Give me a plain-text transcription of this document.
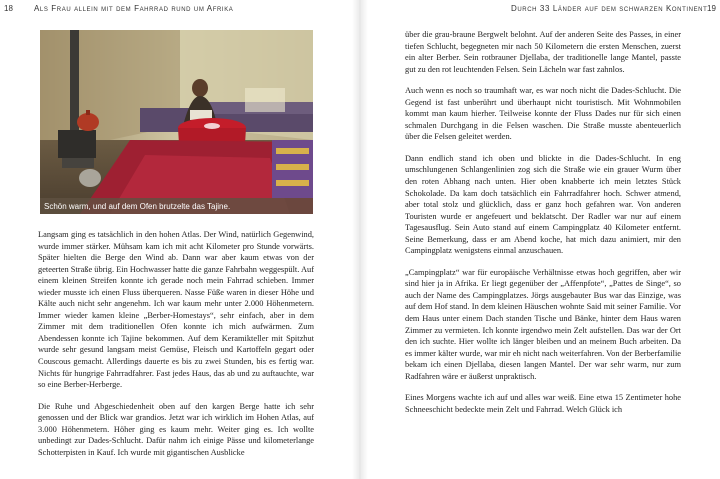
18	Als Frau allein mit dem Fahrrad rund um Afrika
Schön warm, und auf dem Ofen brutzelte das Tajine.

Langsam ging es tatsächlich in den hohen Atlas. Der Wind, natürlich Gegenwind, wurde immer stärker. Mühsam kam ich mit acht Kilometer pro Stunde vorwärts. Später hielten die Berge den Wind ab. Dann war aber kaum etwas von der geteerten Straße übrig. Ein Hochwasser hatte die ganze Fahrbahn weggespült. Auf einem kleinen Streifen konnte ich gerade noch mein Fahrrad schieben. Immer wieder musste ich einen Fluss überqueren. Nasse Füße waren in dieser Höhe und Kälte auch nicht sehr angenehm. Ich war kaum mehr unter 2.000 Höhenmetern. Immer wieder kamen kleine „Berber-Homestays“, sehr einfach, aber in dem Zimmer mit dem traditionellen Ofen konnte ich mich aufwärmen. Zum Abendessen konnte ich Tajine bekommen. Auf dem Keramikteller mit Spitzhut wurde sehr gesund langsam meist Gemüse, Fleisch und Kartoffeln gegart oder Couscous gemacht. Allerdings dauerte es bis zu zwei Stunden, bis es fertig war. Nichts für hungrige Fahrradfahrer. Fast jedes Haus, das ab und zu auftauchte, war so eine Berber-Herberge.

Die Ruhe und Abgeschiedenheit oben auf den kargen Berge hatte ich sehr genossen und der Blick war grandios. Jetzt war ich wirklich im Hohen Atlas, auf 3.000 Höhenmetern. Höher ging es kaum mehr. Weiter ging es. Ich wollte unbedingt zur Dades-Schlucht. Dafür nahm ich einige Pässe und kilometerlange Schotterpisten in Kauf. Ich wurde mit gigantischen Ausblicke

Durch 33 Länder auf dem schwarzen Kontinent 19

über die grau-braune Bergwelt belohnt. Auf der anderen Seite des Passes, in einer tiefen Schlucht, begegneten mir nach 50 Kilometern die ersten Menschen, zuerst ein alter Berber. Sein rotbrauner Djellaba, der traditionelle lange Mantel, passte gut zu den rot leuchtenden Felsen. Sein Lächeln war fast zahnlos.

Auch wenn es noch so traumhaft war, es war noch nicht die Dades-Schlucht. Die Gegend ist fast unberührt und überhaupt nicht touristisch. Mit Wohnmobilen kommt man kaum hierher. Teilweise konnte der Fluss Dades nur für sich einen schmalen Durchgang in die Felsen waschen. Die Straße musste abenteuerlich über die Felsen geleitet werden.

Dann endlich stand ich oben und blickte in die Dades-Schlucht. In eng umschlungenen Schlangenlinien zog sich die Straße wie ein grauer Wurm über den roten Abhang nach unten. Hier oben knabberte ich mein letztes Stück Schokolade. Da kam doch tatsächlich ein Fahrradfahrer hoch. Schwer atmend, aber total stolz und glücklich, dass er ganz hoch gefahren war. Von anderen Touristen wurde er angefeuert und beklatscht. Der Radler war nur auf einem Tagesausflug. Sein Auto stand auf einem Campingplatz 40 Kilometer entfernt. Seine Bemerkung, dass er am Abend koche, hat mich dazu animiert, mir den Campingplatz wenigstens einmal anzuschauen.

„Campingplatz“ war für europäische Verhältnisse etwas hoch gegriffen, aber wir sind hier ja in Afrika. Er liegt gegenüber der „Affenpfote“, „Pattes de Singe“, so auch der Name des Campingplatzes. Jörgs ausgebauter Bus war das Einzige, was auf dem Hof stand. In dem kleinen Häuschen wohnte Said mit seiner Familie. Vor dem Haus unter einem Dach standen Tische und Bänke, hinter dem Haus waren Zimmer zu vermieten. Ich konnte irgendwo mein Zelt aufstellen. Das war der Ort den ich suchte. Hier wollte ich länger bleiben und an meinem Buch arbeiten. Da es immer kälter wurde, war mir eh nicht nach weiterfahren. Von der Berberfamilie bekam ich einen Djellaba, diesen langen Mantel. Der war sehr warm, nur zum Radfahren wäre er äußerst unpraktisch.

Eines Morgens wachte ich auf und alles war weiß. Eine etwa 15 Zentimeter hohe Schneeschicht bedeckte mein Zelt und Fahrrad. Welch Glück ich
